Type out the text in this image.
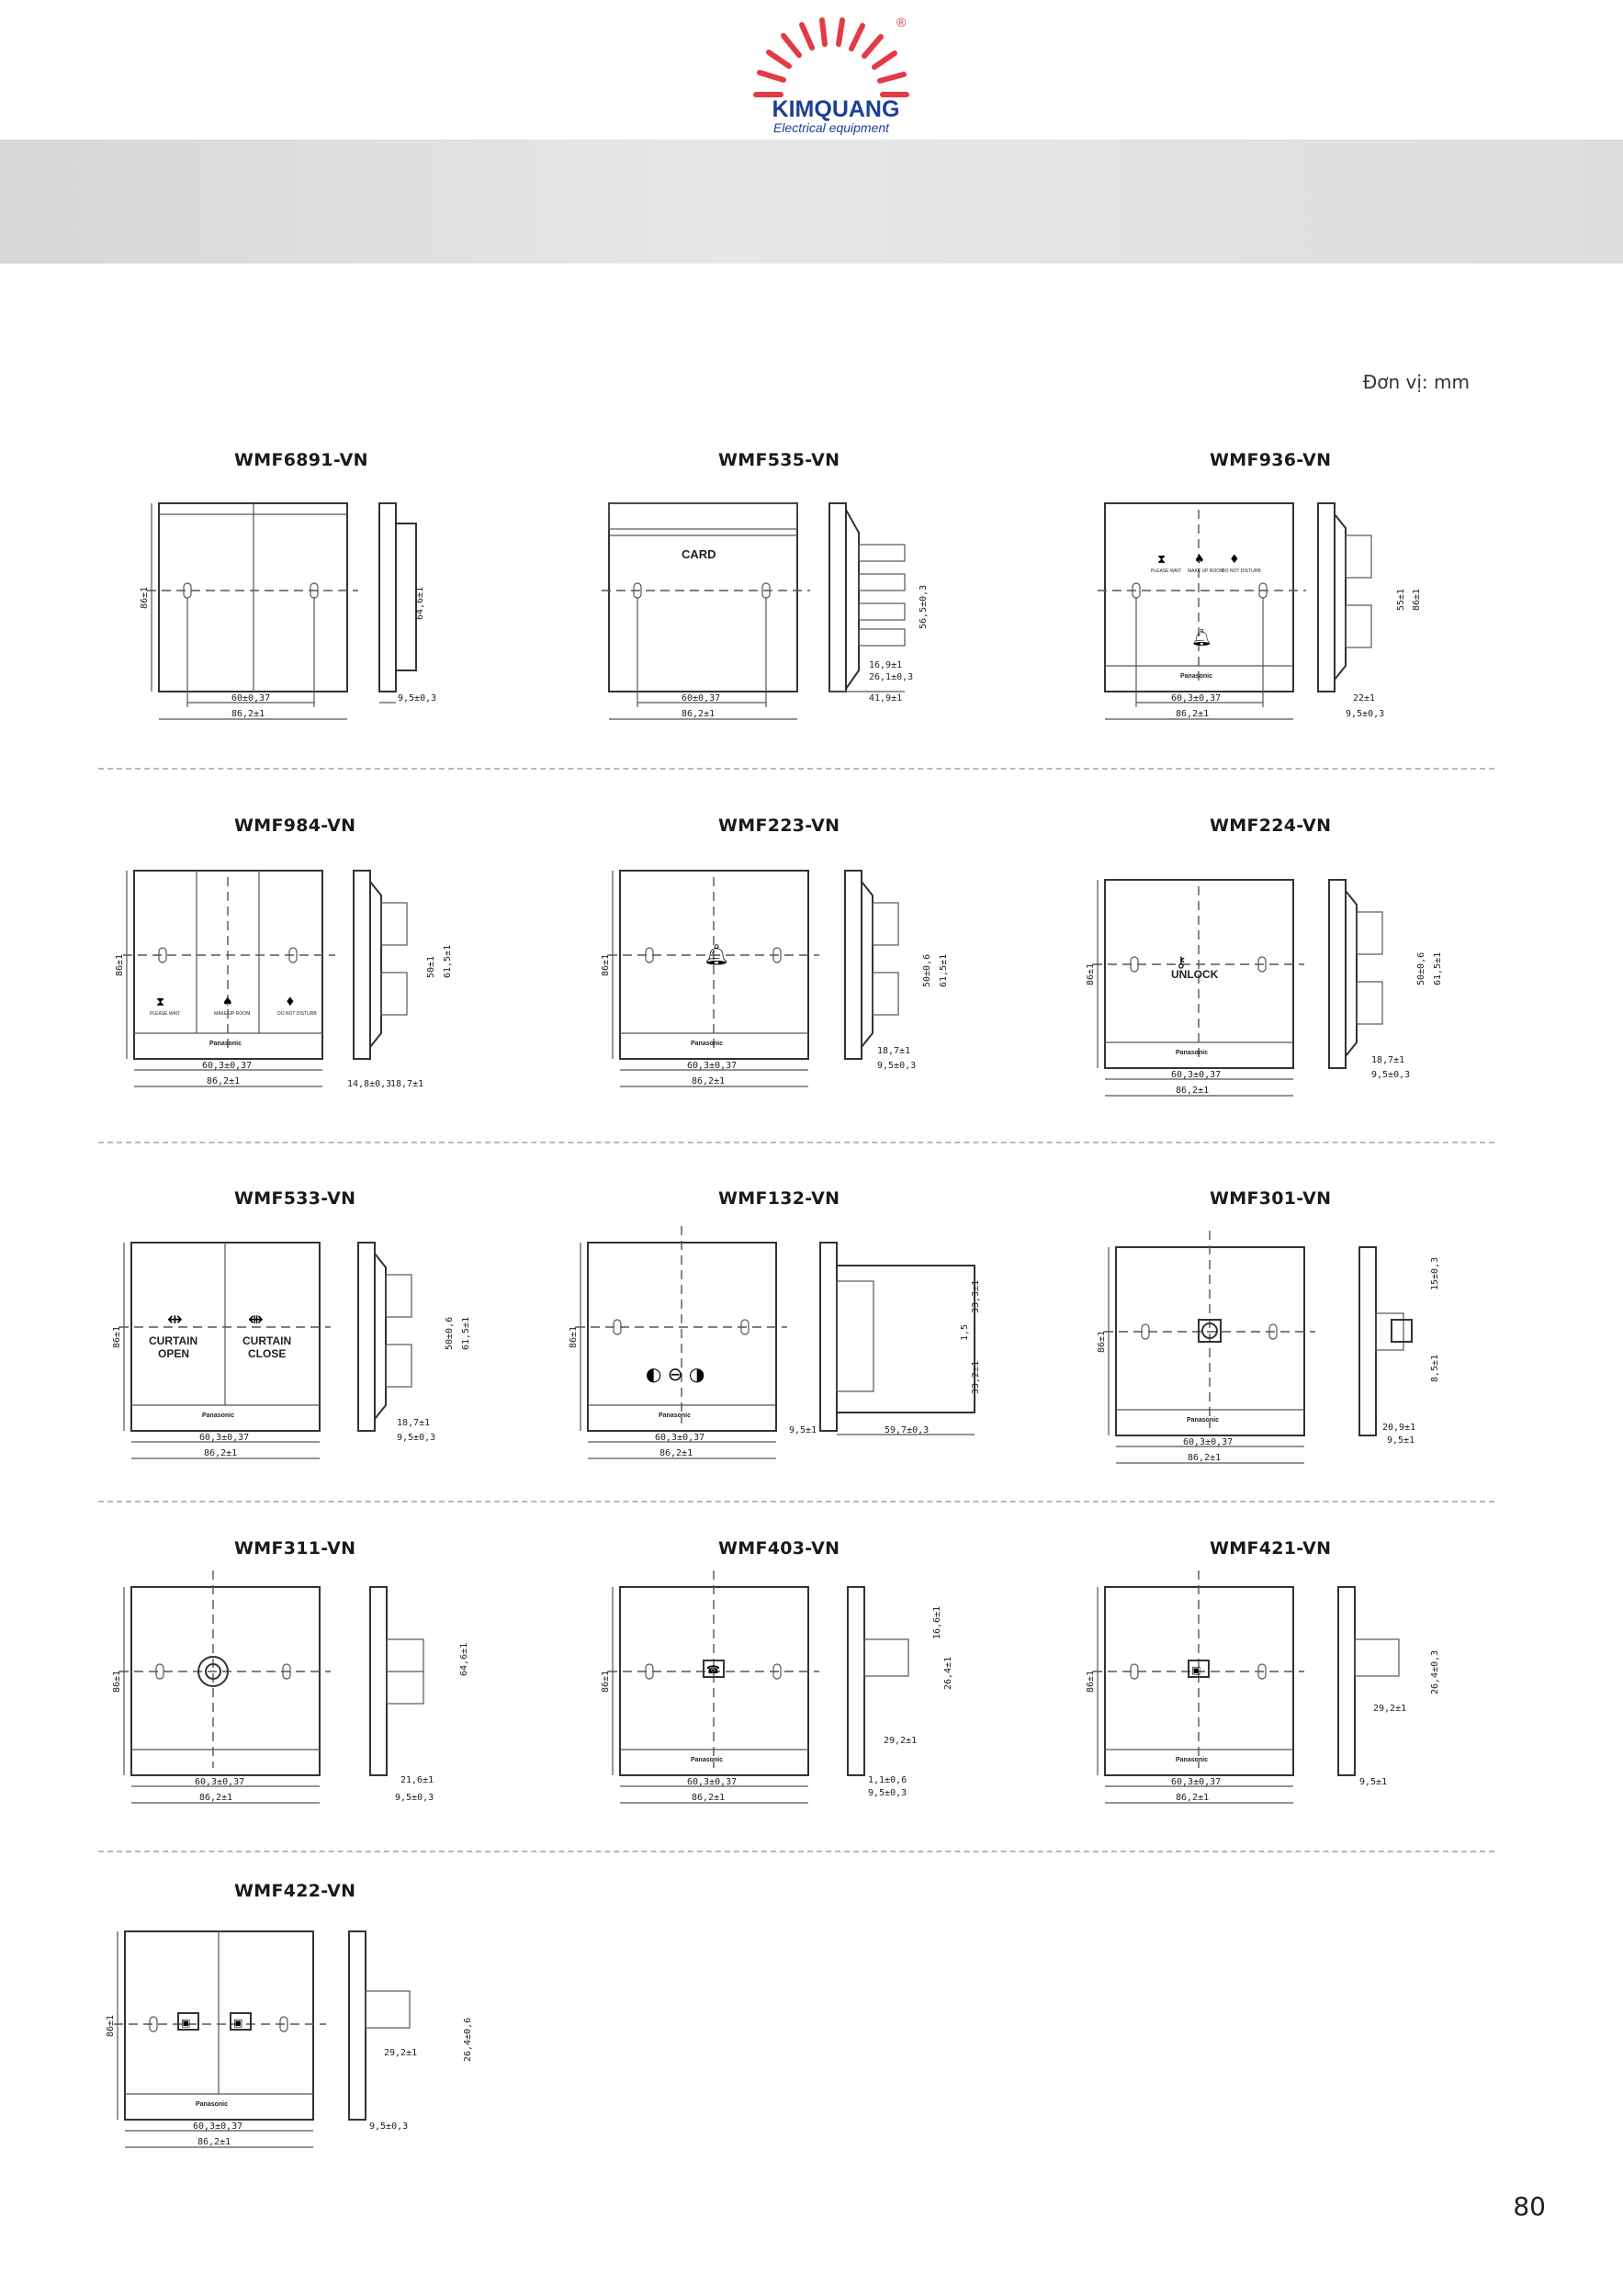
®
KIMQUANG
Electrical equipment
Đơn vị: mm
WMF6891-VN	WMF535-VN	WMF936-VN
WMF984-VN	WMF223-VN	WMF224-VN
WMF533-VN	WMF132-VN	WMF301-VN
WMF311-VN	WMF403-VN	WMF421-VN
WMF422-VN
86±1
60±0,37
86,2±1
64,6±1
9,5±0,3
CARD
60±0,37
86,2±1
56,5±0,3
16,9±1
26,1±0,3
41,9±1
⧗ ♠ ♦
PLEASE WAIT MAKE UP ROOM
DO NOT DISTURB
🔔︎
Panasonic
60,3±0,37
86,2±1
55±1 86±1
22±1
9,5±0,3
⧗	♠	♦
PLEASE WAIT	MAKE UP ROOM	DO NOT DISTURB
Panasonic
86±1
60,3±0,37
86,2±1
50±1 61,5±1
14,8±0,3
18,7±1
🔔︎
Panasonic
86±1
60,3±0,37
86,2±1
50±0,6 61,5±1
18,7±1
9,5±0,3
⚷
UNLOCK
Panasonic
86±1
60,3±0,37
86,2±1
50±0,6 61,5±1
18,7±1
9,5±0,3
⇹	⇼
CURTAIN
OPEN
CURTAIN
CLOSE
Panasonic
86±1
60,3±0,37
86,2±1
50±0,6 61,5±1
18,7±1
9,5±0,3
◐ ⊖ ◑
Panasonic
86±1
60,3±0,37
86,2±1
33,3±1
33,2±1
1,5
9,5±1	59,7±0,3
Panasonic
86±1
60,3±0,37
86,2±1
15±0,3
8,5±1
20,9±1
9,5±1
86±1
60,3±0,37
86,2±1
64,6±1
21,6±1
9,5±0,3
☎
Panasonic
86±1
60,3±0,37
86,2±1
16,6±1
26,4±1
29,2±1
1,1±0,6
9,5±0,3
▣
Panasonic
86±1
60,3±0,37
86,2±1
26,4±0,3
29,2±1
9,5±1
▣	▣
Panasonic
86±1
60,3±0,37
86,2±1
26,4±0,6
29,2±1
9,5±0,3
80
